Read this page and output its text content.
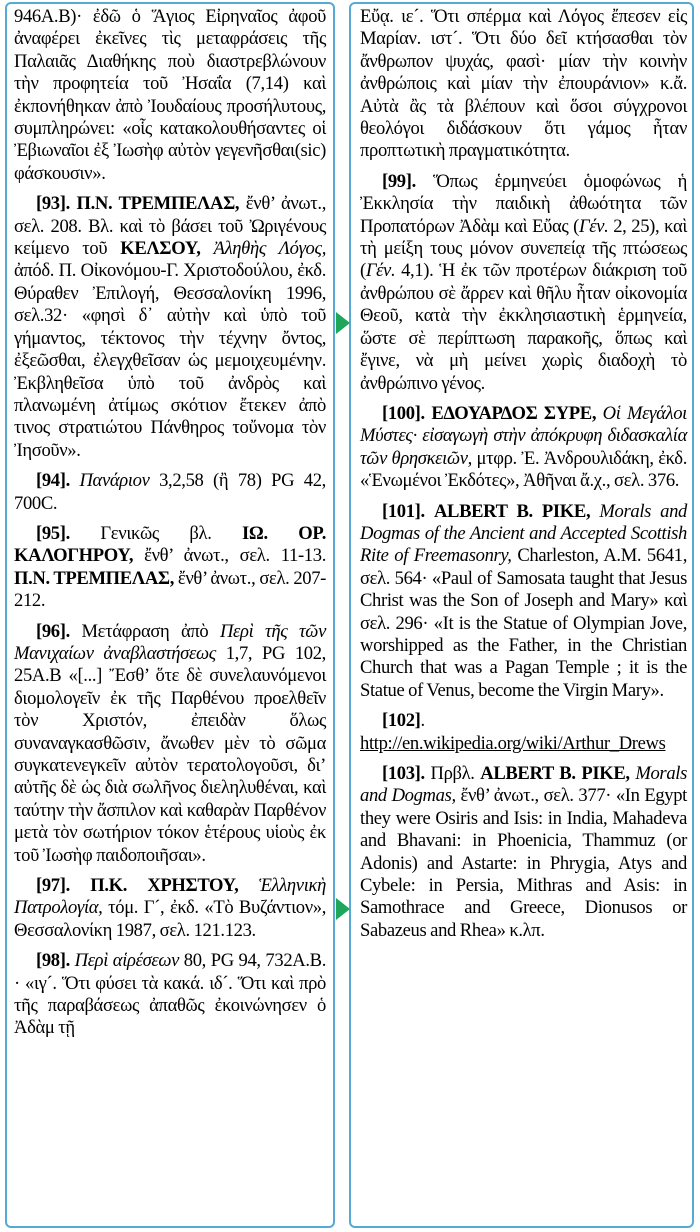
946A.B)· ἐδῶ ὁ Ἅγιος Εἰρηναῖος ἀφοῦ ἀναφέρει ἐκεῖνες τὶς μεταφράσεις τῆς Παλαιᾶς Διαθήκης ποὺ διαστρεβλώνουν τὴν προφητεία τοῦ Ἠσαΐα (7,14) καὶ ἐκπονήθηκαν ἀπὸ Ἰουδαίους προσήλυτους, συμπληρώνει: «οἷς κατακολουθήσαντες οἱ Ἐβιωναῖοι ἐξ Ἰωσὴφ αὐτὸν γεγενῆσθαι(sic) φάσκουσιν».

[93]. Π.Ν. ΤΡΕΜΠΕΛΑΣ, ἔνθ’ ἀνωτ., σελ. 208. Βλ. καὶ τὸ βάσει τοῦ Ὠριγένους κείμενο τοῦ ΚΕΛΣΟΥ, Ἀληθὴς Λόγος, ἀπόδ. Π. Οἰκονόμου-Γ. Χριστοδούλου, ἐκδ. Θύραθεν Ἐπιλογή, Θεσσαλονίκη 1996, σελ.32· «φησὶ δ᾽ αὐτὴν καὶ ὑπὸ τοῦ γήμαντος, τέκτονος τὴν τέχνην ὄντος, ἐξεῶσθαι, ἐλεγχθεῖσαν ὡς μεμοιχευμένην. Ἐκβληθεῖσα ὑπὸ τοῦ ἀνδρὸς καὶ πλανωμένη ἀτίμως σκότιον ἔτεκεν ἀπὸ τινος στρατιώτου Πάνθηρος τοὔνομα τὸν Ἰησοῦν».

[94]. Πανάριον 3,2,58 (ἢ 78) PG 42, 700C.

[95]. Γενικῶς βλ. ΙΩ. ΟΡ. ΚΑΛΟΓΗΡΟΥ, ἔνθ’ ἀνωτ., σελ. 11-13. Π.Ν. ΤΡΕΜΠΕΛΑΣ, ἔνθ’ ἀνωτ., σελ. 207-212.

[96]. Μετάφραση ἀπὸ Περὶ τῆς τῶν Μανιχαίων ἀναβλαστήσεως 1,7, PG 102, 25A.B «[...] Ἔσθ’ ὅτε δὲ συνελαυνόμενοι διομολογεῖν ἐκ τῆς Παρθένου προελθεῖν τὸν Χριστόν, ἐπειδὰν ὅλως συναναγκασθῶσιν, ἄνωθεν μὲν τὸ σῶμα συγκατενεγκεῖν αὐτὸν τερατολογοῦσι, δι’ αὐτῆς δὲ ὡς διὰ σωλῆνος διεληλυθέναι, καὶ ταύτην τὴν ἄσπιλον καὶ καθαρὰν Παρθένον μετὰ τὸν σωτήριον τόκον ἑτέρους υἱοὺς ἐκ τοῦ Ἰωσὴφ παιδοποιῆσαι».

[97]. Π.Κ. ΧΡΗΣΤΟΥ, Ἑλληνικὴ Πατρολογία, τόμ. Γ´, ἐκδ. «Τὸ Βυζάντιον», Θεσσαλονίκη 1987, σελ. 121.123.

[98]. Περὶ αἱρέσεων 80, PG 94, 732A.B. · «ιγ´. Ὅτι φύσει τὰ κακά. ιδ´. Ὅτι καὶ πρὸ τῆς παραβάσεως ἀπαθῶς ἐκοινώνησεν ὁ Ἀδὰμ τῇ

Εὔᾳ. ιε´. Ὅτι σπέρμα καὶ Λόγος ἔπεσεν εἰς Μαρίαν. ιστ´. Ὅτι δύο δεῖ κτήσασθαι τὸν ἄνθρωπον ψυχάς, φασὶ· μίαν τὴν κοινὴν ἀνθρώποις καὶ μίαν τὴν ἐπουράνιον» κ.ἄ. Αὐτὰ ἂς τὰ βλέπουν καὶ ὅσοι σύγχρονοι θεολόγοι διδάσκουν ὅτι γάμος ἦταν προπτωτικὴ πραγματικότητα.

[99]. Ὅπως ἑρμηνεύει ὁμοφώνως ἡ Ἐκκλησία τὴν παιδικὴ ἀθωότητα τῶν Προπατόρων Ἀδὰμ καὶ Εὔας (Γέν. 2, 25), καὶ τὴ μείξη τους μόνον συνεπείᾳ τῆς πτώσεως (Γέν. 4,1). Ἡ ἐκ τῶν προτέρων διάκριση τοῦ ἀνθρώπου σὲ ἄρρεν καὶ θῆλυ ἦταν οἰκονομία Θεοῦ, κατὰ τὴν ἐκκλησιαστικὴ ἑρμηνεία, ὥστε σὲ περίπτωση παρακοῆς, ὅπως καὶ ἔγινε, νὰ μὴ μείνει χωρὶς διαδοχὴ τὸ ἀνθρώπινο γένος.

[100]. ΕΔΟΥΑΡΔΟΣ ΣΥΡΕ, Οἱ Μεγάλοι Μύστες· εἰσαγωγὴ στὴν ἀπόκρυφη διδασκαλία τῶν θρησκειῶν, μτφρ. Ἐ. Ἀνδρουλιδάκη, ἐκδ. «Ἑνωμένοι Ἐκδότες», Ἀθῆναι ἄ.χ., σελ. 376.

[101]. ALBERT B. PIKE, Morals and Dogmas of the Ancient and Accepted Scottish Rite of Freemasonry, Charleston, A.M. 5641, σελ. 564· «Paul of Samosata taught that Jesus Christ was the Son of Joseph and Mary» καὶ σελ. 296· «It is the Statue of Olympian Jove, worshipped as the Father, in the Christian Church that was a Pagan Temple ; it is the Statue of Venus, become the Virgin Mary».

[102]. http://en.wikipedia.org/wiki/Arthur_Drews

[103]. Πρβλ. ALBERT B. PIKE, Morals and Dogmas, ἔνθ’ ἀνωτ., σελ. 377· «In Egypt they were Osiris and Isis: in India, Mahadeva and Bhavani: in Phoenicia, Thammuz (or Adonis) and Astarte: in Phrygia, Atys and Cybele: in Persia, Mithras and Asis: in Samothrace and Greece, Dionusos or Sabazeus and Rhea» κ.λπ.
